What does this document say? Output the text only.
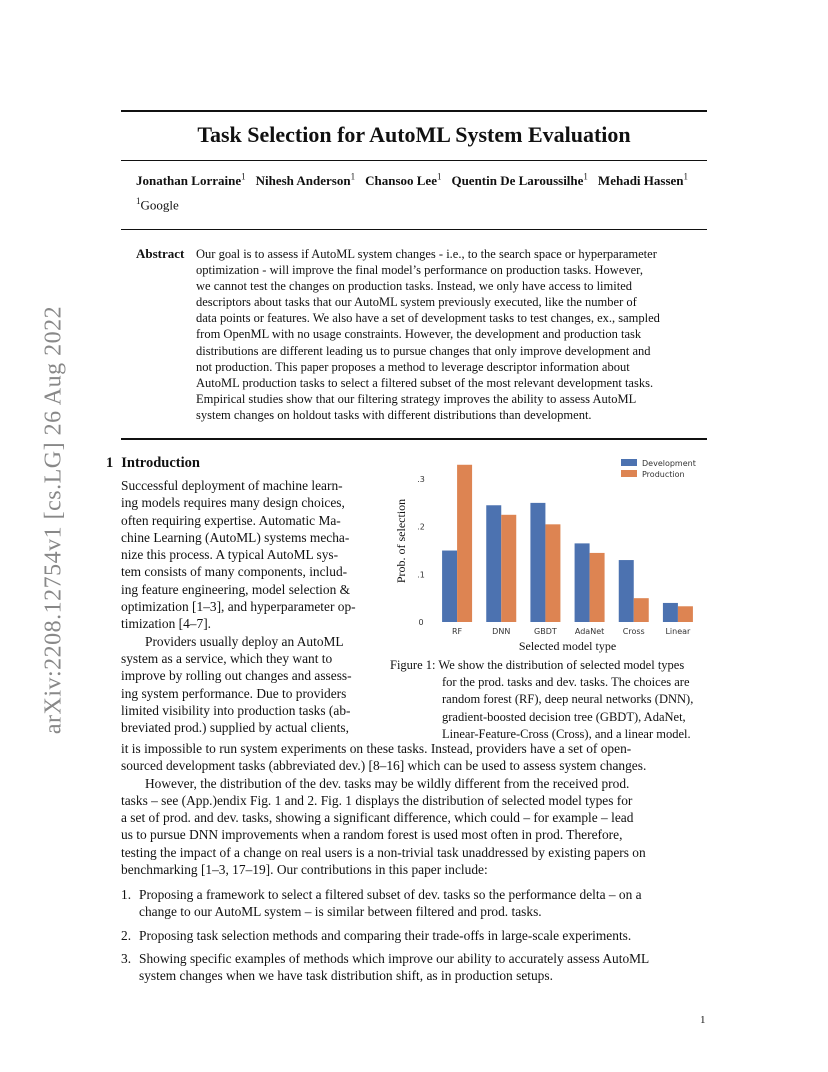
arXiv:2208.12754v1 [cs.LG] 26 Aug 2022
Task Selection for AutoML System Evaluation
Jonathan Lorraine$^1$ Nihesh Anderson$^1$ Chansoo Lee$^1$ Quentin De Laroussilhe$^1$ Mehadi Hassen$^1$
$^1$Google
Abstract Our goal is to assess if AutoML system changes - i.e., to the search space or hyperparameter
optimization - will improve the final model’s performance on production tasks. However,
we cannot test the changes on production tasks. Instead, we only have access to limited
descriptors about tasks that our AutoML system previously executed, like the number of
data points or features. We also have a set of development tasks to test changes, ex., sampled
from OpenML with no usage constraints. However, the development and production task
distributions are different leading us to pursue changes that only improve development and
not production. This paper proposes a method to leverage descriptor information about
AutoML production tasks to select a filtered subset of the most relevant development tasks.
Empirical studies show that our filtering strategy improves the ability to assess AutoML
system changes on holdout tasks with different distributions than development.
1 Introduction
Successful deployment of machine learn-
ing models requires many design choices,
often requiring expertise. Automatic Ma-
chine Learning (AutoML) systems mecha-
nize this process. A typical AutoML sys-
tem consists of many components, includ-
ing feature engineering, model selection &
optimization [1–3], and hyperparameter op-
timization [4–7].
Providers usually deploy an AutoML
system as a service, which they want to
improve by rolling out changes and assess-
ing system performance. Due to providers
limited visibility into production tasks (ab-
breviated prod.) supplied by actual clients,
RF	DNN	GBDT AdaNet Cross	Linear
0
.1
.2
.3
Prob. of selection
Selected model type
Development
Production
Figure 1: We show the distribution of selected model types
for the prod. tasks and dev. tasks. The choices are
random forest (RF), deep neural networks (DNN),
gradient-boosted decision tree (GBDT), AdaNet,
Linear-Feature-Cross (Cross), and a linear model.
it is impossible to run system experiments on these tasks. Instead, providers have a set of open-
sourced development tasks (abbreviated dev.) [8–16] which can be used to assess system changes.
However, the distribution of the dev. tasks may be wildly different from the received prod.
tasks – see (App.)endix Fig. 1 and 2. Fig. 1 displays the distribution of selected model types for
a set of prod. and dev. tasks, showing a significant difference, which could – for example – lead
us to pursue DNN improvements when a random forest is used most often in prod. Therefore,
testing the impact of a change on real users is a non-trivial task unaddressed by existing papers on
benchmarking [1–3, 17–19]. Our contributions in this paper include:
1. Proposing a framework to select a filtered subset of dev. tasks so the performance delta – on a
change to our AutoML system – is similar between filtered and prod. tasks.
2. Proposing task selection methods and comparing their trade-offs in large-scale experiments.
3. Showing specific examples of methods which improve our ability to accurately assess AutoML
system changes when we have task distribution shift, as in production setups.
1
